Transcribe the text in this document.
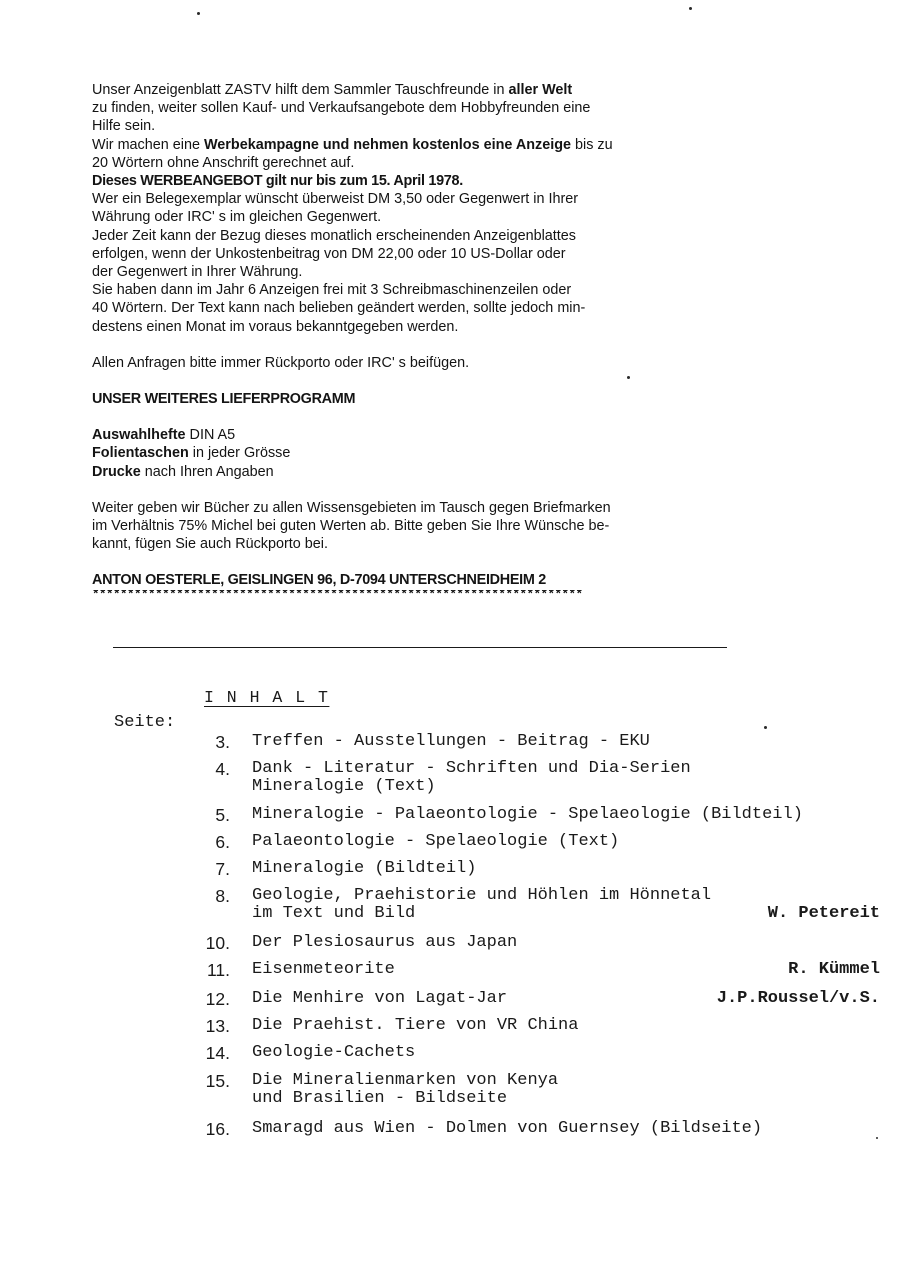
Unser Anzeigenblatt ZASTV hilft dem Sammler Tauschfreunde in aller Welt
zu finden, weiter sollen Kauf- und Verkaufsangebote dem Hobbyfreunden eine
Hilfe sein.

Wir machen eine Werbekampagne und nehmen kostenlos eine Anzeige bis zu
20 Wörtern ohne Anschrift gerechnet auf.

Dieses WERBEANGEBOT gilt nur bis zum 15. April 1978.

Wer ein Belegexemplar wünscht überweist DM 3,50 oder Gegenwert in Ihrer
Währung oder IRC' s im gleichen Gegenwert.

Jeder Zeit kann der Bezug dieses monatlich erscheinenden Anzeigenblattes
erfolgen, wenn der Unkostenbeitrag von DM 22,00 oder 10 US-Dollar oder
der Gegenwert in Ihrer Währung.

Sie haben dann im Jahr 6 Anzeigen frei mit 3 Schreibmaschinenzeilen oder
40 Wörtern. Der Text kann nach belieben geändert werden, sollte jedoch min-
destens einen Monat im voraus bekanntgegeben werden.

Allen Anfragen bitte immer Rückporto oder IRC' s beifügen.

UNSER WEITERES LIEFERPROGRAMM

Auswahlhefte DIN A5
Folientaschen in jeder Grösse
Drucke nach Ihren Angaben

Weiter geben wir Bücher zu allen Wissensgebieten im Tausch gegen Briefmarken
im Verhältnis 75% Michel bei guten Werten ab. Bitte geben Sie Ihre Wünsche be-
kannt, fügen Sie auch Rückporto bei.

ANTON OESTERLE, GEISLINGEN 96, D-7094 UNTERSCHNEIDHEIM 2

**********************************************************************
I N H A L T
Seite:
3. Treffen - Ausstellungen - Beitrag - EKU
4. Dank - Literatur - Schriften und Dia-Serien
Mineralogie (Text)
5. Mineralogie - Palaeontologie - Spelaeologie (Bildteil)
6. Palaeontologie - Spelaeologie (Text)
7. Mineralogie (Bildteil)
8. Geologie, Praehistorie und Höhlen im Hönnetal
im Text und Bild	W. Petereit
10. Der Plesiosaurus aus Japan
11. Eisenmeteorite	R. Kümmel
12. Die Menhire von Lagat-Jar	J.P.Roussel/v.S.
13. Die Praehist. Tiere von VR China
14. Geologie-Cachets
15. Die Mineralienmarken von Kenya
und Brasilien - Bildseite
16. Smaragd aus Wien - Dolmen von Guernsey (Bildseite)
